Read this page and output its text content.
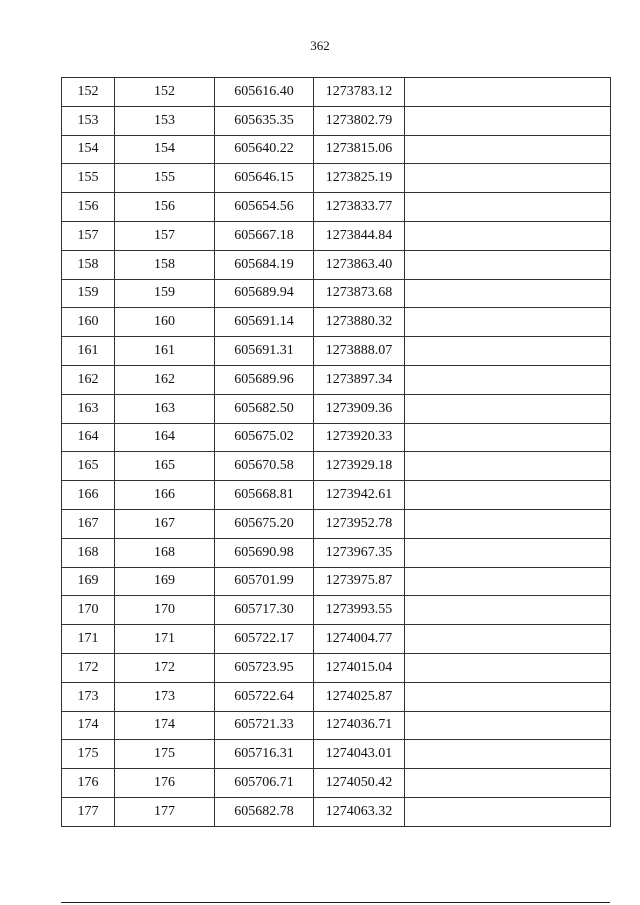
362
152	152	605616.40	1273783.12	
153	153	605635.35	1273802.79	
154	154	605640.22	1273815.06	
155	155	605646.15	1273825.19	
156	156	605654.56	1273833.77	
157	157	605667.18	1273844.84	
158	158	605684.19	1273863.40	
159	159	605689.94	1273873.68	
160	160	605691.14	1273880.32	
161	161	605691.31	1273888.07	
162	162	605689.96	1273897.34	
163	163	605682.50	1273909.36	
164	164	605675.02	1273920.33	
165	165	605670.58	1273929.18	
166	166	605668.81	1273942.61	
167	167	605675.20	1273952.78	
168	168	605690.98	1273967.35	
169	169	605701.99	1273975.87	
170	170	605717.30	1273993.55	
171	171	605722.17	1274004.77	
172	172	605723.95	1274015.04	
173	173	605722.64	1274025.87	
174	174	605721.33	1274036.71	
175	175	605716.31	1274043.01	
176	176	605706.71	1274050.42	
177	177	605682.78	1274063.32	
